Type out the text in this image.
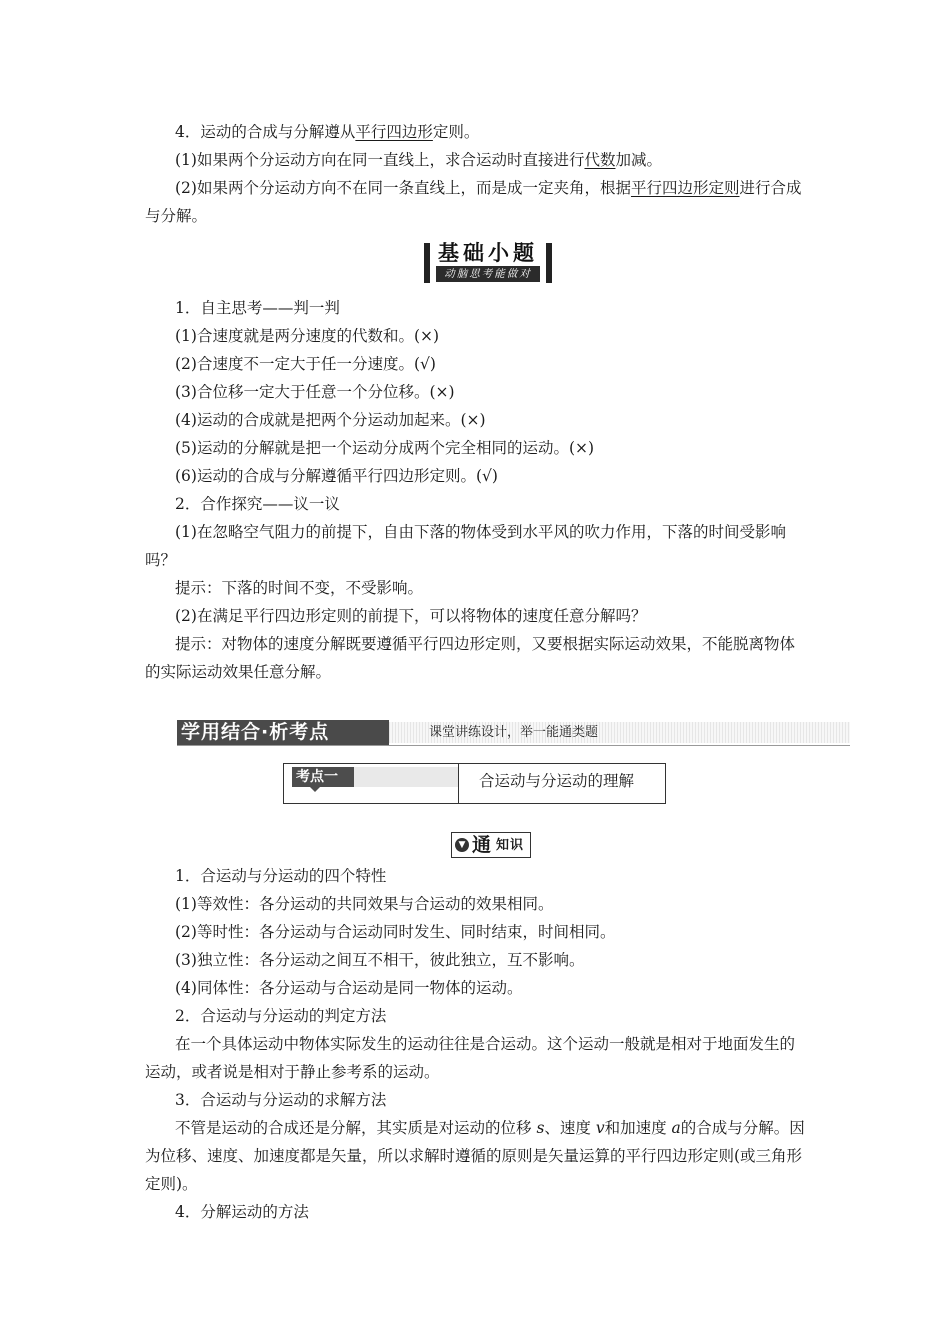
4．运动的合成与分解遵从平行四边形定则。

(1)如果两个分运动方向在同一直线上，求合运动时直接进行代数加减。

(2)如果两个分运动方向不在同一条直线上，而是成一定夹角，根据平行四边形定则进行合成与分解。

基础小题
动脑思考能做对

1．自主思考——判一判

(1)合速度就是两分速度的代数和。(×)

(2)合速度不一定大于任一分速度。(√)

(3)合位移一定大于任意一个分位移。(×)

(4)运动的合成就是把两个分运动加起来。(×)

(5)运动的分解就是把一个运动分成两个完全相同的运动。(×)

(6)运动的合成与分解遵循平行四边形定则。(√)

2．合作探究——议一议

(1)在忽略空气阻力的前提下，自由下落的物体受到水平风的吹力作用，下落的时间受影响吗？

提示：下落的时间不变，不受影响。

(2)在满足平行四边形定则的前提下，可以将物体的速度任意分解吗？

提示：对物体的速度分解既要遵循平行四边形定则，又要根据实际运动效果，不能脱离物体的实际运动效果任意分解。

学用结合·析考点	课堂讲练设计，举一能通类题
考点一	合运动与分运动的理解
▼ 通 知识

1．合运动与分运动的四个特性

(1)等效性：各分运动的共同效果与合运动的效果相同。

(2)等时性：各分运动与合运动同时发生、同时结束，时间相同。

(3)独立性：各分运动之间互不相干，彼此独立，互不影响。

(4)同体性：各分运动与合运动是同一物体的运动。

2．合运动与分运动的判定方法

在一个具体运动中物体实际发生的运动往往是合运动。这个运动一般就是相对于地面发生的运动，或者说是相对于静止参考系的运动。

3．合运动与分运动的求解方法

不管是运动的合成还是分解，其实质是对运动的位移 s、速度 v和加速度 a的合成与分解。因为位移、速度、加速度都是矢量，所以求解时遵循的原则是矢量运算的平行四边形定则(或三角形定则)。

4．分解运动的方法
